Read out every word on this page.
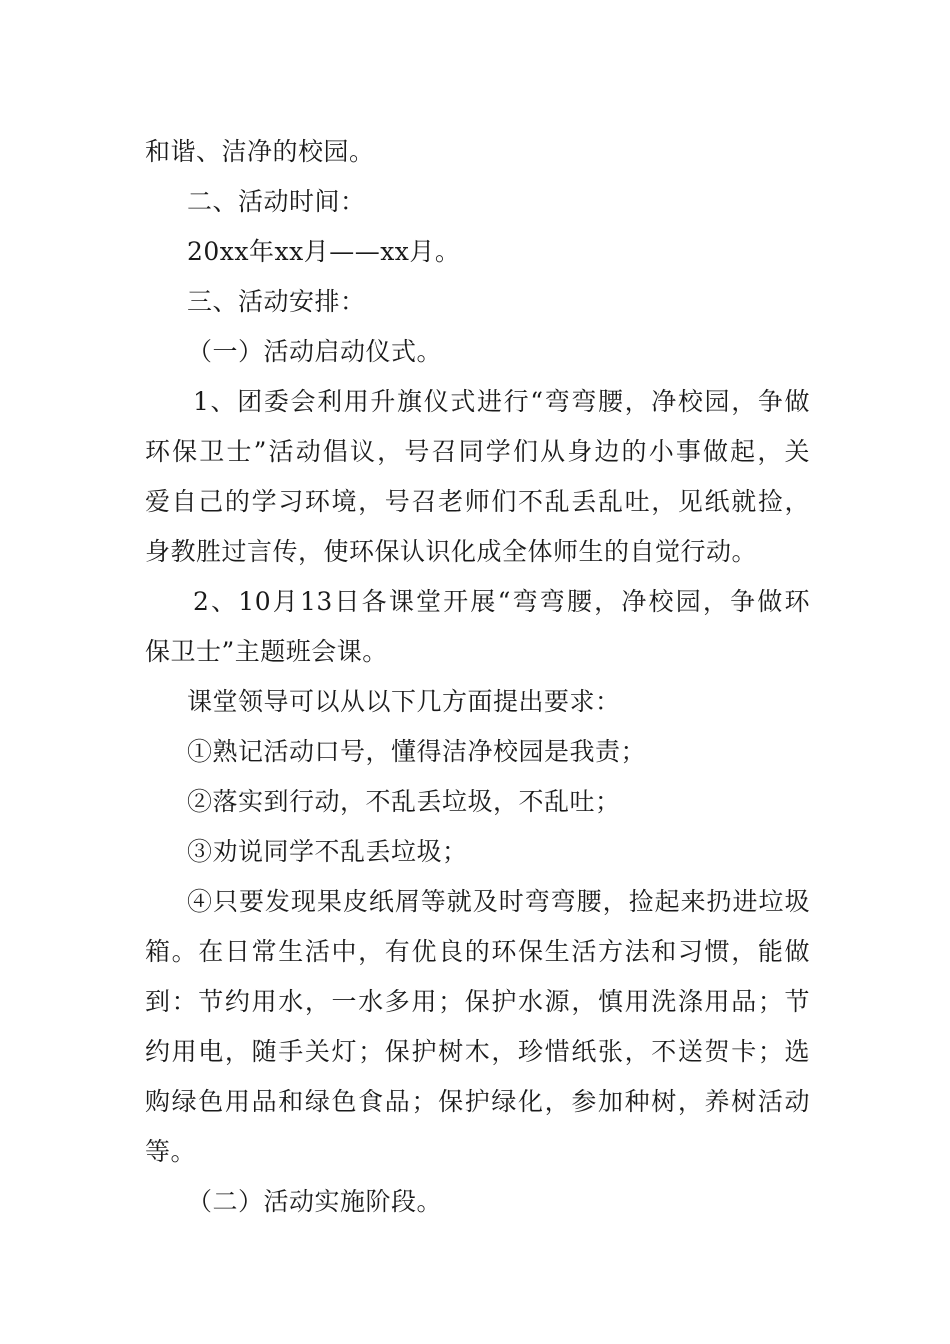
和谐、洁净的校园。

二、活动时间：

20xx年xx月——xx月。

三、活动安排：

（一）活动启动仪式。

1、团委会利用升旗仪式进行“弯弯腰，净校园，争做

环保卫士”活动倡议，号召同学们从身边的小事做起，关

爱自己的学习环境，号召老师们不乱丢乱吐，见纸就捡，

身教胜过言传，使环保认识化成全体师生的自觉行动。

2、10月13日各课堂开展“弯弯腰，净校园，争做环

保卫士”主题班会课。

课堂领导可以从以下几方面提出要求：

①熟记活动口号，懂得洁净校园是我责；

②落实到行动，不乱丢垃圾，不乱吐；

③劝说同学不乱丢垃圾；

④只要发现果皮纸屑等就及时弯弯腰，捡起来扔进垃圾

箱。在日常生活中，有优良的环保生活方法和习惯，能做

到：节约用水，一水多用；保护水源，慎用洗涤用品；节

约用电，随手关灯；保护树木，珍惜纸张，不送贺卡；选

购绿色用品和绿色食品；保护绿化，参加种树，养树活动

等。

（二）活动实施阶段。
